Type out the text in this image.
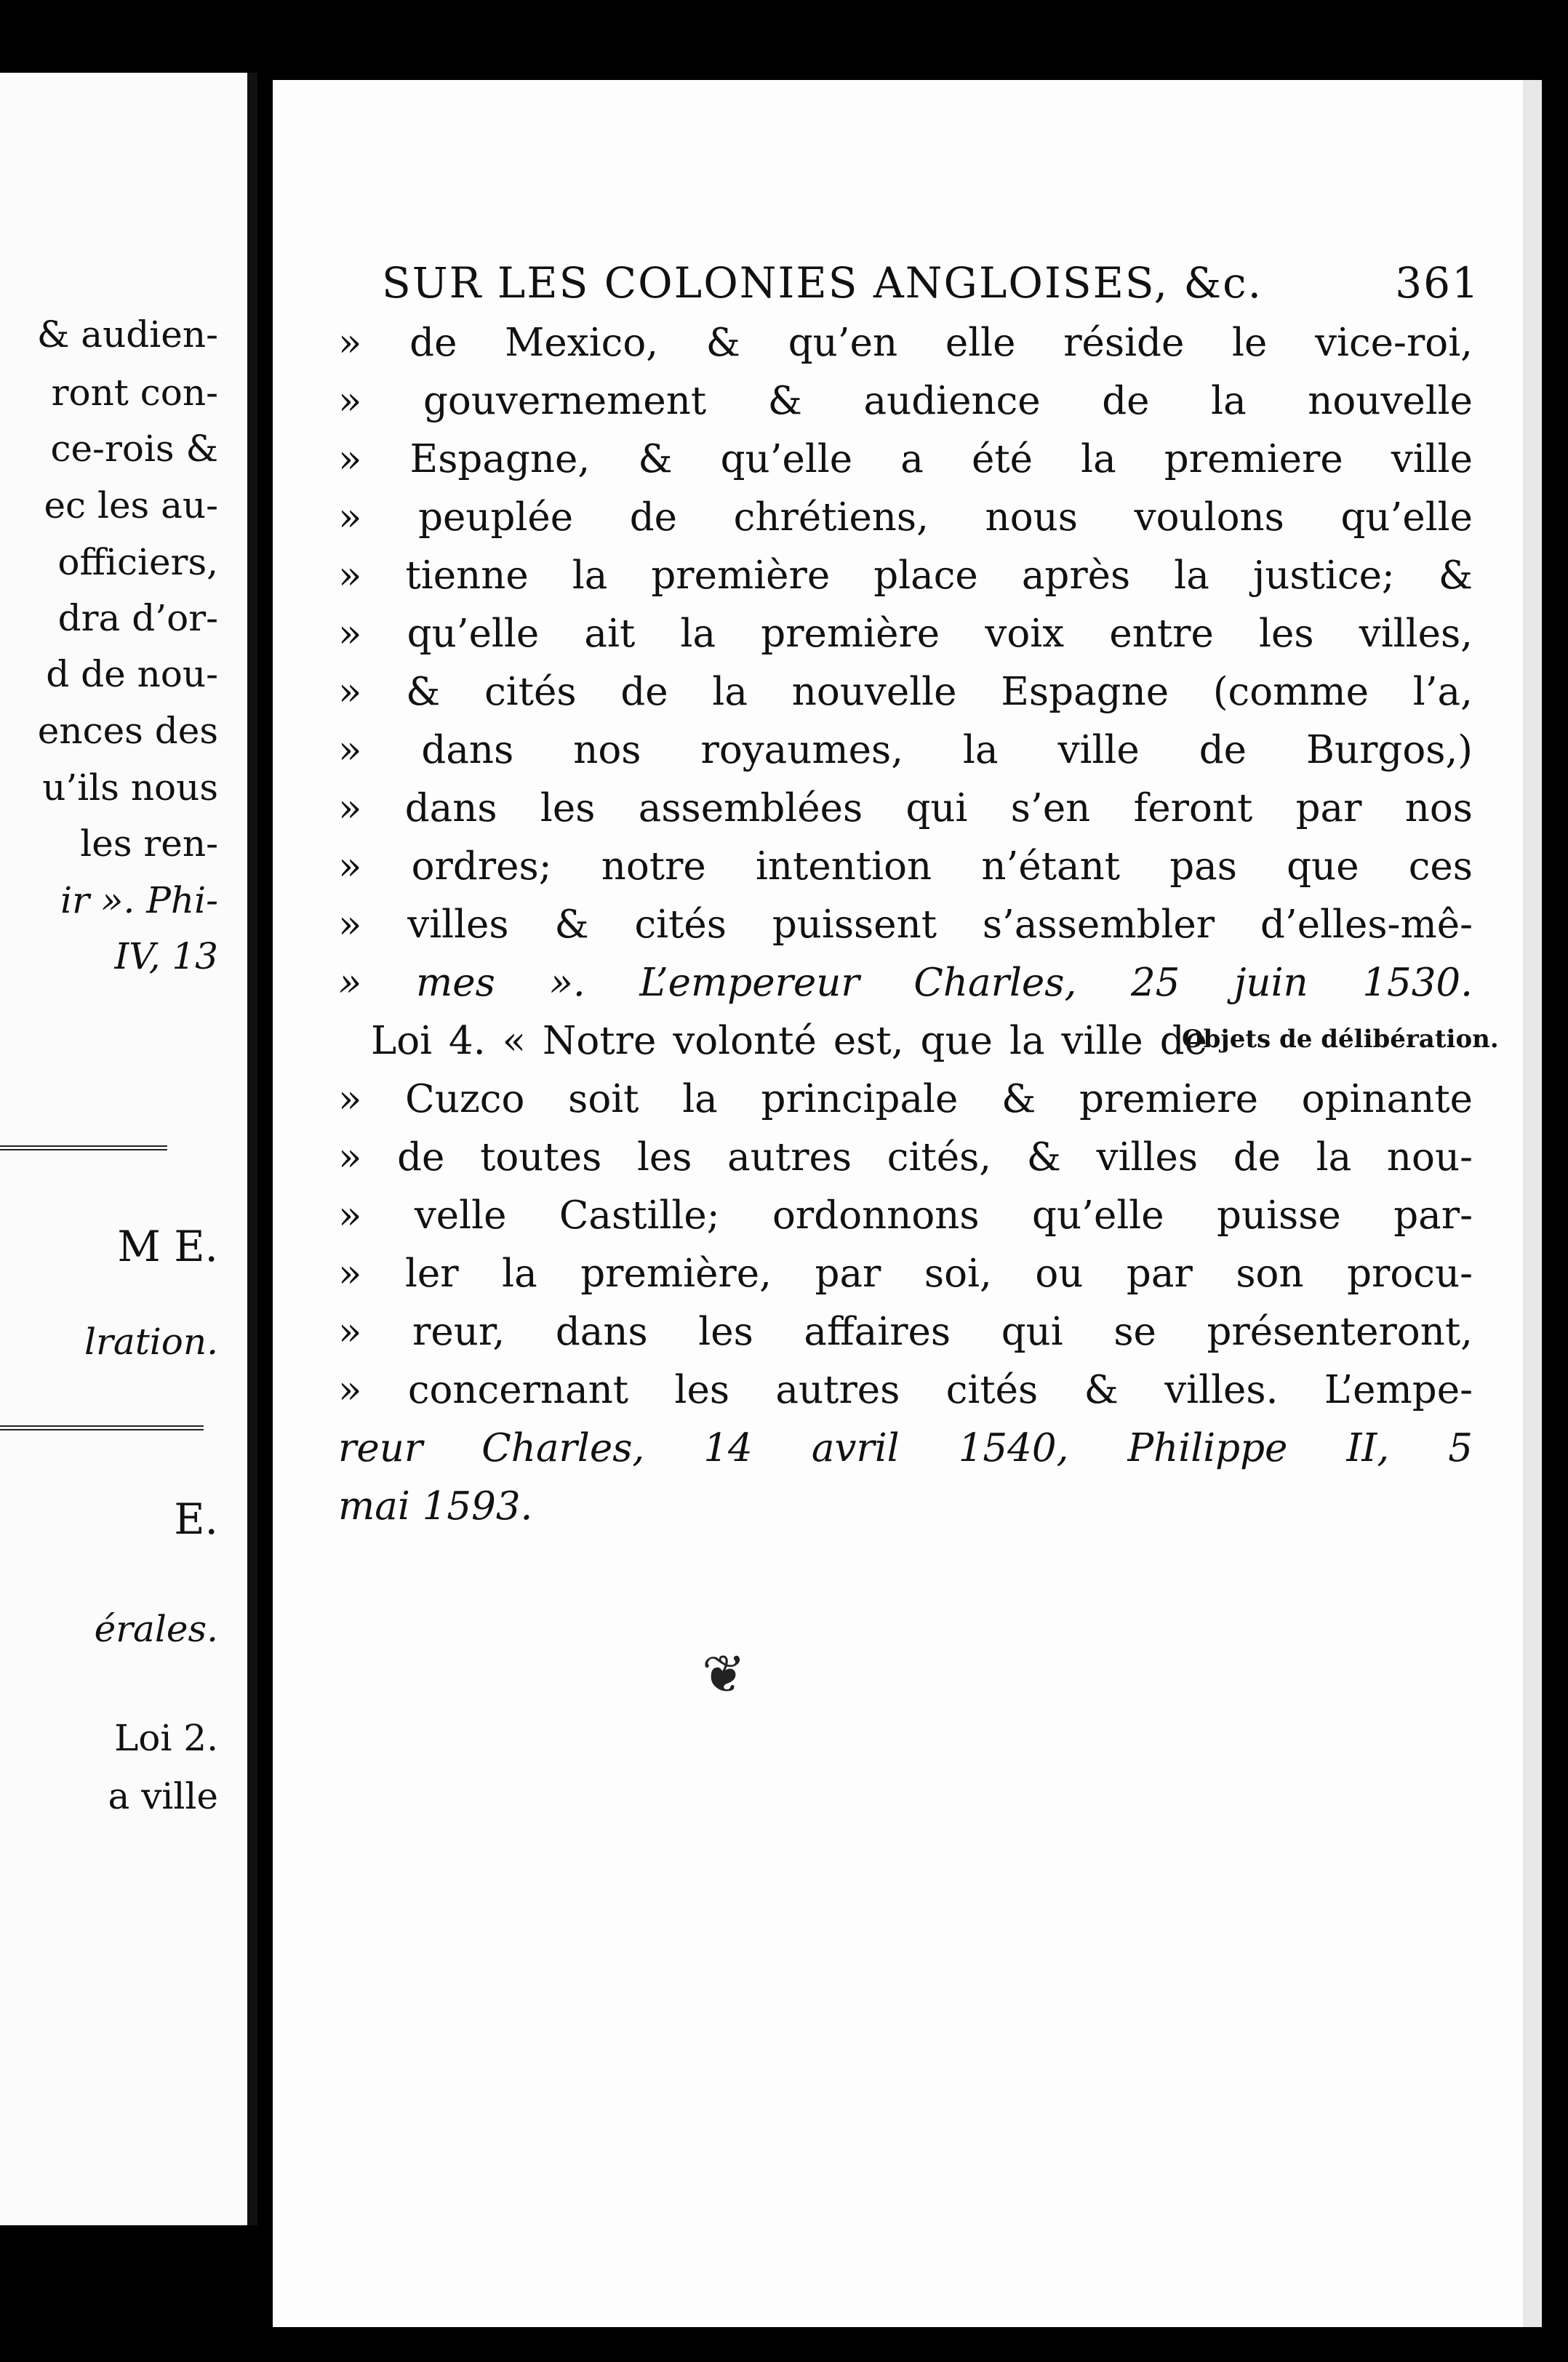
& audien-
ront con-
ce-rois &
ec les au-
officiers,
dra d’or-
d de nou-
ences des
u’ils nous
les ren-
ir ». Phi-
IV, 13
M E.
lration.
E.
érales.
Loi 2.
a ville
SUR LES COLONIES ANGLOISES, &c.	361
» de Mexico, & qu’en elle réside le vice-roi,
» gouvernement & audience de la nouvelle
» Espagne, & qu’elle a été la premiere ville
» peuplée de chrétiens, nous voulons qu’elle
» tienne la première place après la justice; &
» qu’elle ait la première voix entre les villes,
» & cités de la nouvelle Espagne (comme l’a,
» dans nos royaumes, la ville de Burgos,)
» dans les assemblées qui s’en feront par nos
» ordres; notre intention n’étant pas que ces
» villes & cités puissent s’assembler d’elles-mê-
» mes ». L’empereur Charles, 25 juin 1530.
Loi 4. « Notre volonté est, que la ville de
» Cuzco soit la principale & premiere opinante
» de toutes les autres cités, & villes de la nou-
» velle Castille; ordonnons qu’elle puisse par-
» ler la première, par soi, ou par son procu-
» reur, dans les affaires qui se présenteront,
» concernant les autres cités & villes. L’empe-
reur Charles, 14 avril 1540, Philippe II, 5
mai 1593.
Objets de délibération.
❦
